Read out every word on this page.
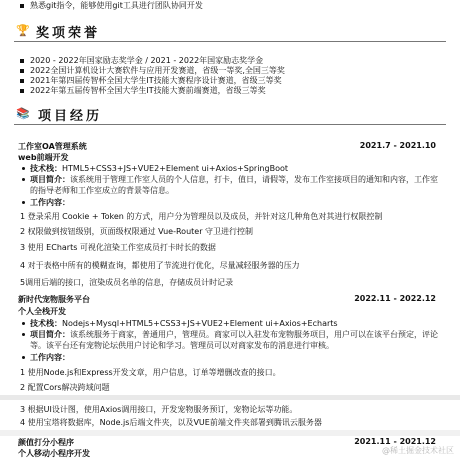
熟悉git指令，能够使用git工具进行团队协同开发
🏆 奖项荣誉
2020 - 2022年国家励志奖学金 / 2021 - 2022年国家励志奖学金
2022全国计算机设计大赛软件与应用开发赛道，省级一等奖,全国三等奖
2021年第四届传智杯全国大学生IT技能大赛程序设计赛道，省级三等奖
2022年第五届传智杯全国大学生IT技能大赛前端赛道，省级三等奖
📚 项目经历
工作室OA管理系统	2021.7 - 2021.10
web前端开发
技术栈：HTML5+CSS3+JS+VUE2+Element ui+Axios+SpringBoot
项目简介：该系统用于管理工作室人员的个人信息，打卡，值日，请假等，发布工作室接项目的通知和内容，工作室的指导老师和工作室成立的背景等信息。
工作内容：
1 登录采用 Cookie + Token 的方式，用户分为管理员以及成员，并针对这几种角色对其进行权限控制
2 权限做到按钮级别，页面级权限通过 Vue-Router 守卫进行控制
3 使用 ECharts 可视化渲染工作室成员打卡时长的数据
4 对于表格中所有的模糊查询，都使用了节流进行优化，尽量减轻服务器的压力
5调用后端的接口，渲染成员名单的信息，存储成员计时记录
新时代宠物服务平台	2022.11 - 2022.12
个人全栈开发
技术栈：Nodejs+Mysql+HTML5+CSS3+JS+VUE2+Element ui+Axios+Echarts
项目简介：该系统服务于商家，普通用户，管理员。商家可以入驻发布宠物服务项目，用户可以在该平台预定，评论等。该平台还有宠物论坛供用户讨论和学习。管理员可以对商家发布的消息进行审核。
工作内容：
1 使用Node.js和Express开发文章，用户信息，订单等增删改查的接口。
2 配置Cors解决跨域问题
3 根据UI设计图，使用Axios调用接口，开发宠物服务预订，宠物论坛等功能。
4 使用宝塔将数据库，Node.js后端文件夹，以及VUE前端文件夹部署到腾讯云服务器
颜值打分小程序	2021.11 - 2021.12
个人移动小程序开发	@稀土掘金技术社区
